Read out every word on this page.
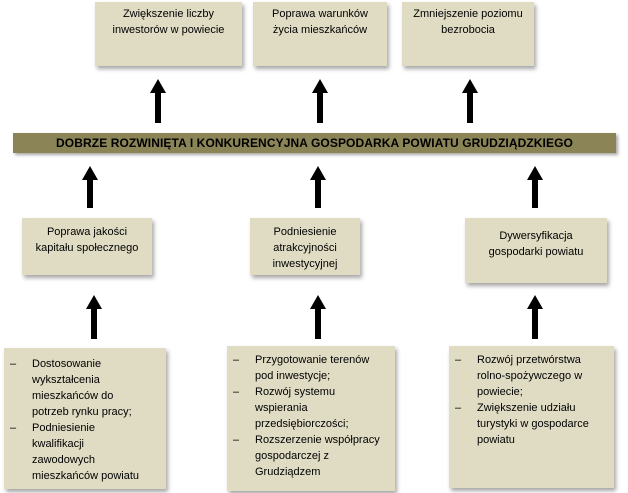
Zwiększenie liczby
inwestorów w powiecie
Poprawa warunków
życia mieszkańców
Zmniejszenie poziomu
bezrobocia
DOBRZE ROZWINIĘTA I KONKURENCYJNA GOSPODARKA POWIATU GRUDZIĄDZKIEGO
Poprawa jakości
kapitału społecznego
Podniesienie
atrakcyjności
inwestycyjnej
Dywersyfikacja
gospodarki powiatu
–	Dostosowanie
wykształcenia
mieszkańców do
potrzeb rynku pracy;
–	Podniesienie
kwalifikacji
zawodowych
mieszkańców powiatu
–	Przygotowanie terenów
pod inwestycje;
–	Rozwój systemu
wspierania
przedsiębiorczości;
–	Rozszerzenie współpracy
gospodarczej z
Grudziądzem
–	Rozwój przetwórstwa
rolno-spożywczego w
powiecie;
–	Zwiększenie udziału
turystyki w gospodarce
powiatu
